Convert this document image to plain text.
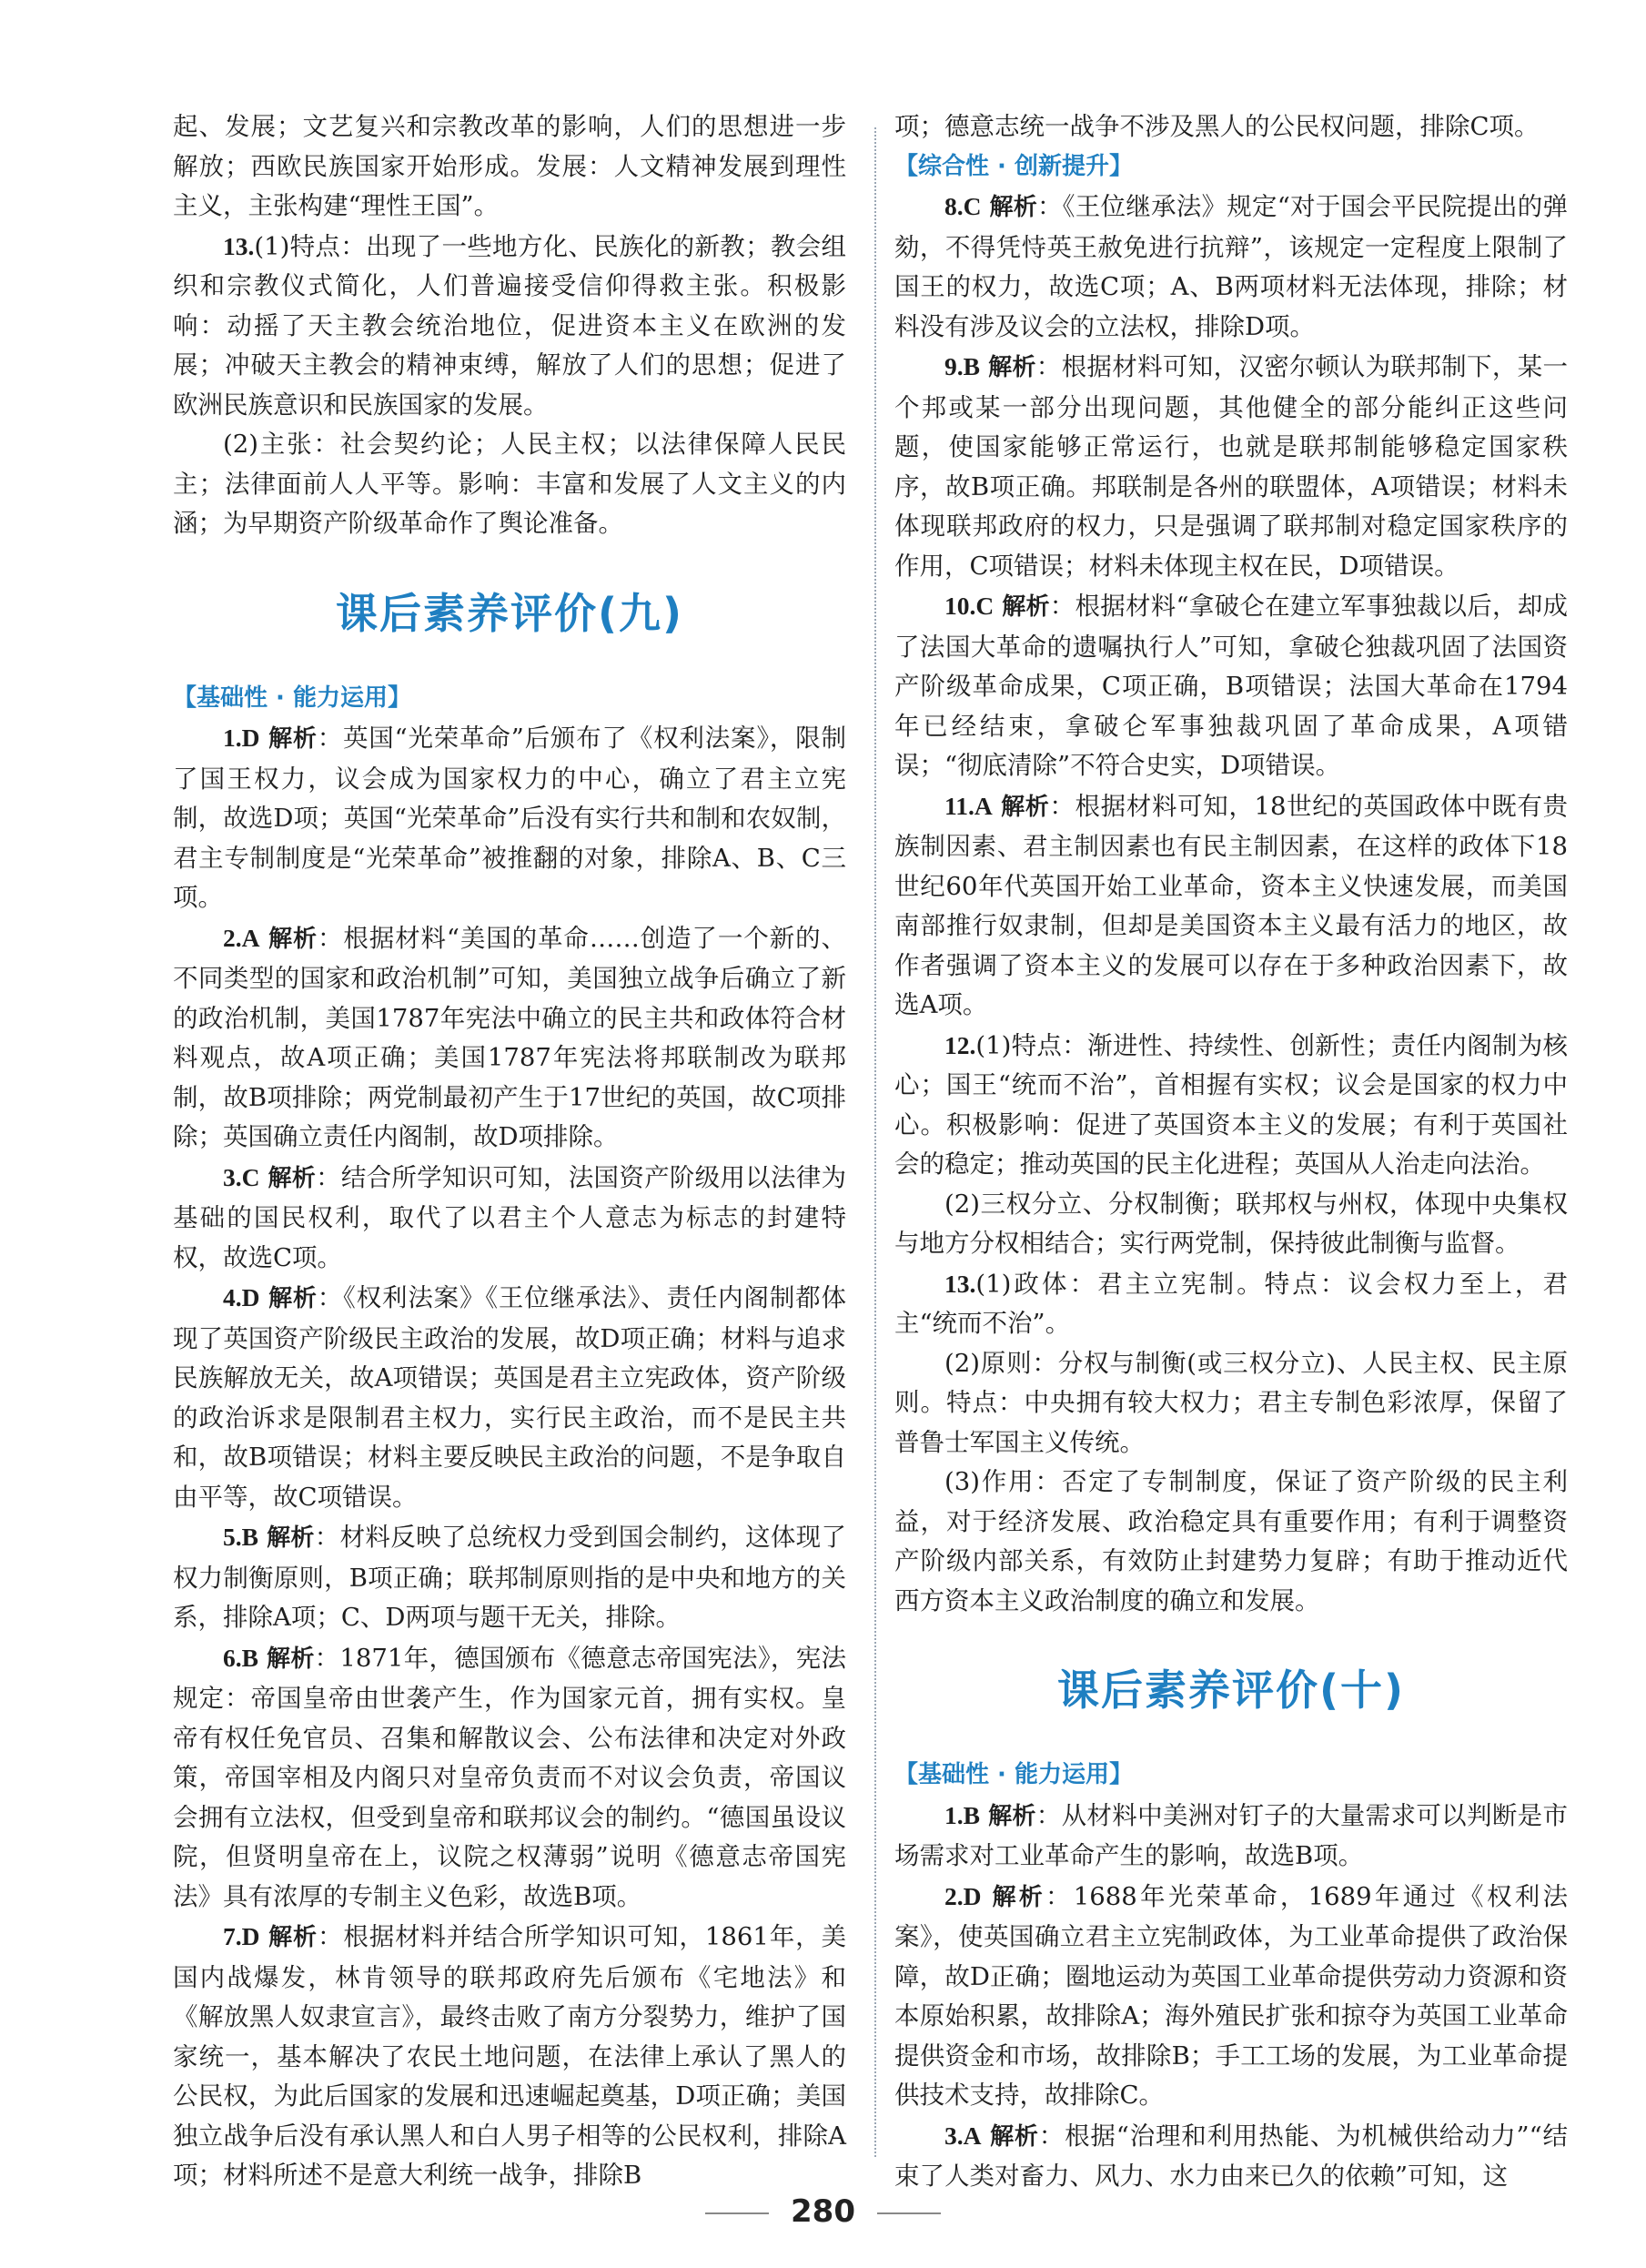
起、发展；文艺复兴和宗教改革的影响，人们的思想进一步解放；西欧民族国家开始形成。发展：人文精神发展到理性主义，主张构建“理性王国”。

13.(1)特点：出现了一些地方化、民族化的新教；教会组织和宗教仪式简化，人们普遍接受信仰得救主张。积极影响：动摇了天主教会统治地位，促进资本主义在欧洲的发展；冲破天主教会的精神束缚，解放了人们的思想；促进了欧洲民族意识和民族国家的发展。

(2)主张：社会契约论；人民主权；以法律保障人民民主；法律面前人人平等。影响：丰富和发展了人文主义的内涵；为早期资产阶级革命作了舆论准备。

课后素养评价(九)
【基础性 · 能力运用】

1.D 解析：英国“光荣革命”后颁布了《权利法案》，限制了国王权力，议会成为国家权力的中心，确立了君主立宪制，故选D项；英国“光荣革命”后没有实行共和制和农奴制，君主专制制度是“光荣革命”被推翻的对象，排除A、B、C三项。

2.A 解析：根据材料“美国的革命……创造了一个新的、不同类型的国家和政治机制”可知，美国独立战争后确立了新的政治机制，美国1787年宪法中确立的民主共和政体符合材料观点，故A项正确；美国1787年宪法将邦联制改为联邦制，故B项排除；两党制最初产生于17世纪的英国，故C项排除；英国确立责任内阁制，故D项排除。

3.C 解析：结合所学知识可知，法国资产阶级用以法律为基础的国民权利，取代了以君主个人意志为标志的封建特权，故选C项。

4.D 解析：《权利法案》《王位继承法》、责任内阁制都体现了英国资产阶级民主政治的发展，故D项正确；材料与追求民族解放无关，故A项错误；英国是君主立宪政体，资产阶级的政治诉求是限制君主权力，实行民主政治，而不是民主共和，故B项错误；材料主要反映民主政治的问题，不是争取自由平等，故C项错误。

5.B 解析：材料反映了总统权力受到国会制约，这体现了权力制衡原则，B项正确；联邦制原则指的是中央和地方的关系，排除A项；C、D两项与题干无关，排除。

6.B 解析：1871年，德国颁布《德意志帝国宪法》，宪法规定：帝国皇帝由世袭产生，作为国家元首，拥有实权。皇帝有权任免官员、召集和解散议会、公布法律和决定对外政策，帝国宰相及内阁只对皇帝负责而不对议会负责，帝国议会拥有立法权，但受到皇帝和联邦议会的制约。“德国虽设议院，但贤明皇帝在上，议院之权薄弱”说明《德意志帝国宪法》具有浓厚的专制主义色彩，故选B项。

7.D 解析：根据材料并结合所学知识可知，1861年，美国内战爆发，林肯领导的联邦政府先后颁布《宅地法》和《解放黑人奴隶宣言》，最终击败了南方分裂势力，维护了国家统一，基本解决了农民土地问题，在法律上承认了黑人的公民权，为此后国家的发展和迅速崛起奠基，D项正确；美国独立战争后没有承认黑人和白人男子相等的公民权利，排除A项；材料所述不是意大利统一战争，排除B

项；德意志统一战争不涉及黑人的公民权问题，排除C项。

【综合性 · 创新提升】

8.C 解析：《王位继承法》规定“对于国会平民院提出的弹劾，不得凭恃英王赦免进行抗辩”，该规定一定程度上限制了国王的权力，故选C项；A、B两项材料无法体现，排除；材料没有涉及议会的立法权，排除D项。

9.B 解析：根据材料可知，汉密尔顿认为联邦制下，某一个邦或某一部分出现问题，其他健全的部分能纠正这些问题，使国家能够正常运行，也就是联邦制能够稳定国家秩序，故B项正确。邦联制是各州的联盟体，A项错误；材料未体现联邦政府的权力，只是强调了联邦制对稳定国家秩序的作用，C项错误；材料未体现主权在民，D项错误。

10.C 解析：根据材料“拿破仑在建立军事独裁以后，却成了法国大革命的遗嘱执行人”可知，拿破仑独裁巩固了法国资产阶级革命成果，C项正确，B项错误；法国大革命在1794年已经结束，拿破仑军事独裁巩固了革命成果，A项错误；“彻底清除”不符合史实，D项错误。

11.A 解析：根据材料可知，18世纪的英国政体中既有贵族制因素、君主制因素也有民主制因素，在这样的政体下18世纪60年代英国开始工业革命，资本主义快速发展，而美国南部推行奴隶制，但却是美国资本主义最有活力的地区，故作者强调了资本主义的发展可以存在于多种政治因素下，故选A项。

12.(1)特点：渐进性、持续性、创新性；责任内阁制为核心；国王“统而不治”，首相握有实权；议会是国家的权力中心。积极影响：促进了英国资本主义的发展；有利于英国社会的稳定；推动英国的民主化进程；英国从人治走向法治。

(2)三权分立、分权制衡；联邦权与州权，体现中央集权与地方分权相结合；实行两党制，保持彼此制衡与监督。

13.(1)政体：君主立宪制。特点：议会权力至上，君主“统而不治”。

(2)原则：分权与制衡(或三权分立)、人民主权、民主原则。特点：中央拥有较大权力；君主专制色彩浓厚，保留了普鲁士军国主义传统。

(3)作用：否定了专制制度，保证了资产阶级的民主利益，对于经济发展、政治稳定具有重要作用；有利于调整资产阶级内部关系，有效防止封建势力复辟；有助于推动近代西方资本主义政治制度的确立和发展。

课后素养评价(十)
【基础性 · 能力运用】

1.B 解析：从材料中美洲对钉子的大量需求可以判断是市场需求对工业革命产生的影响，故选B项。

2.D 解析：1688年光荣革命，1689年通过《权利法案》，使英国确立君主立宪制政体，为工业革命提供了政治保障，故D正确；圈地运动为英国工业革命提供劳动力资源和资本原始积累，故排除A；海外殖民扩张和掠夺为英国工业革命提供资金和市场，故排除B；手工工场的发展，为工业革命提供技术支持，故排除C。

3.A 解析：根据“治理和利用热能、为机械供给动力”“结束了人类对畜力、风力、水力由来已久的依赖”可知，这

280
